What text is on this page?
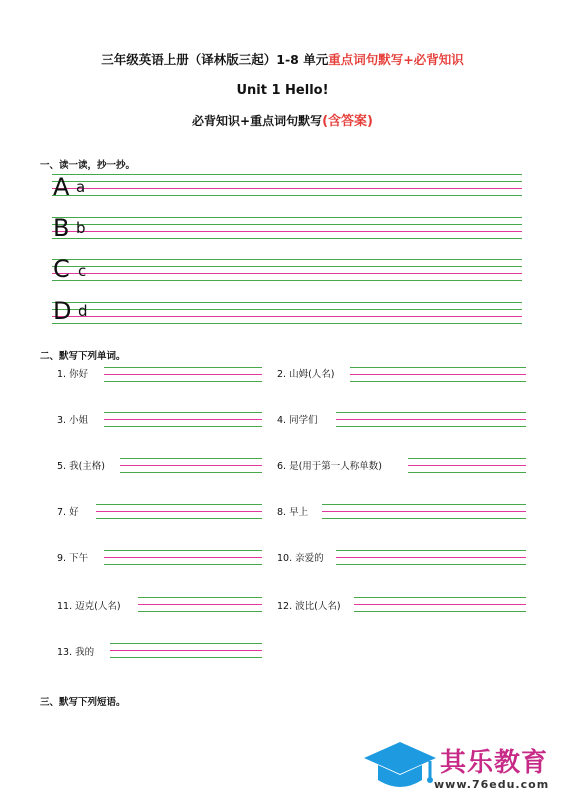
三年级英语上册（译林版三起）1-8 单元重点词句默写+必背知识
Unit 1 Hello!
必背知识+重点词句默写(含答案)
一、读一读，抄一抄。
A a
B b
C c
D d
二、默写下列单词。
1. 你好	2. 山姆(人名)
3. 小姐	4. 同学们
5. 我(主格)	6. 是(用于第一人称单数)
7. 好	8. 早上
9. 下午	10. 亲爱的
11. 迈克(人名)	12. 波比(人名)
13. 我的
三、默写下列短语。
其乐教育
www.76edu.com
